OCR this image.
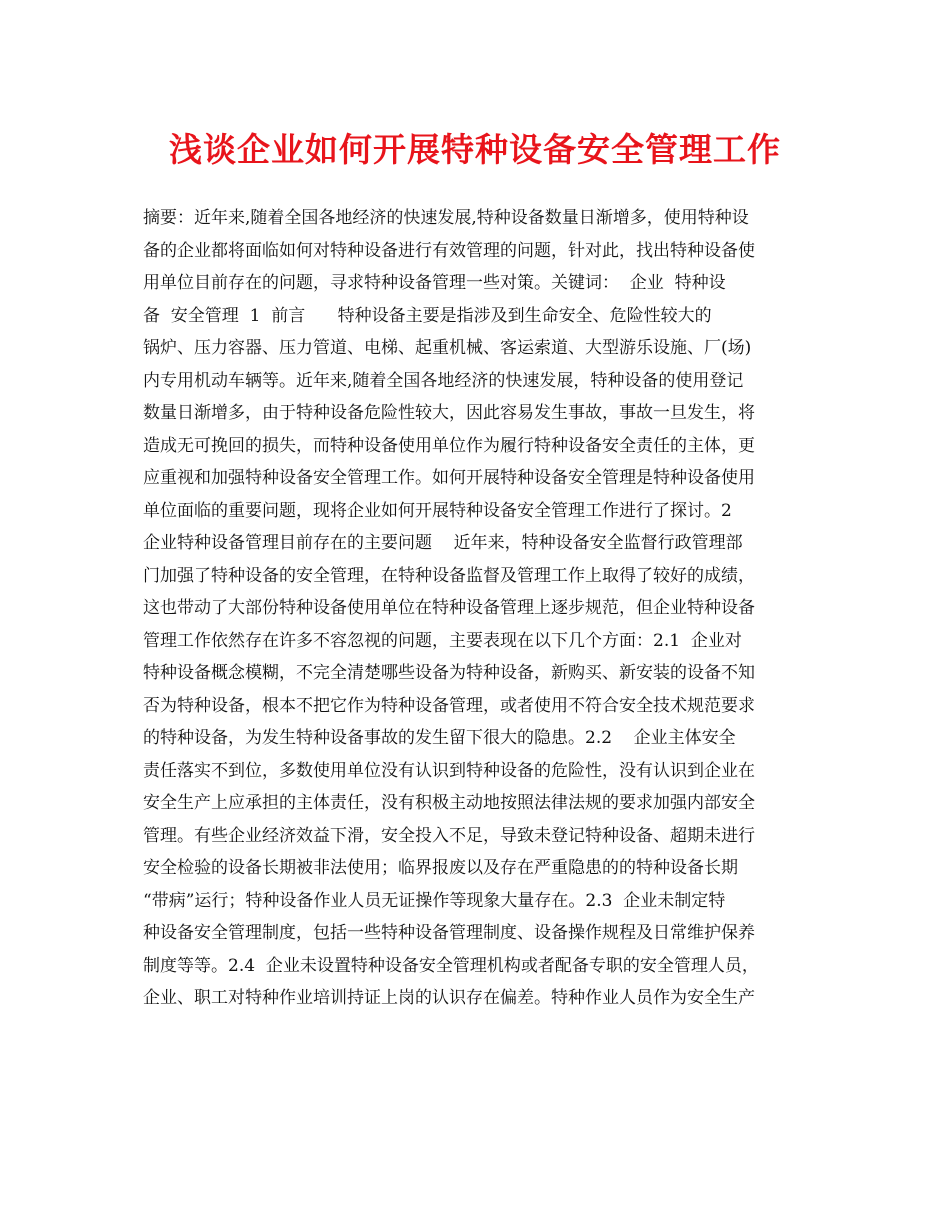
浅谈企业如何开展特种设备安全管理工作
摘要：近年来,随着全国各地经济的快速发展,特种设备数量日渐增多，使用特种设
备的企业都将面临如何对特种设备进行有效管理的问题，针对此，找出特种设备使
用单位目前存在的问题，寻求特种设备管理一些对策。关键词：  企业  特种设
备  安全管理  1  前言      特种设备主要是指涉及到生命安全、危险性较大的
锅炉、压力容器、压力管道、电梯、起重机械、客运索道、大型游乐设施、厂(场)
内专用机动车辆等。近年来,随着全国各地经济的快速发展，特种设备的使用登记
数量日渐增多，由于特种设备危险性较大，因此容易发生事故，事故一旦发生，将
造成无可挽回的损失，而特种设备使用单位作为履行特种设备安全责任的主体，更
应重视和加强特种设备安全管理工作。如何开展特种设备安全管理是特种设备使用
单位面临的重要问题，现将企业如何开展特种设备安全管理工作进行了探讨。2
企业特种设备管理目前存在的主要问题    近年来，特种设备安全监督行政管理部
门加强了特种设备的安全管理，在特种设备监督及管理工作上取得了较好的成绩，
这也带动了大部份特种设备使用单位在特种设备管理上逐步规范，但企业特种设备
管理工作依然存在许多不容忽视的问题，主要表现在以下几个方面：2.1  企业对
特种设备概念模糊，不完全清楚哪些设备为特种设备，新购买、新安装的设备不知
否为特种设备，根本不把它作为特种设备管理，或者使用不符合安全技术规范要求
的特种设备，为发生特种设备事故的发生留下很大的隐患。2.2    企业主体安全
责任落实不到位，多数使用单位没有认识到特种设备的危险性，没有认识到企业在
安全生产上应承担的主体责任，没有积极主动地按照法律法规的要求加强内部安全
管理。有些企业经济效益下滑，安全投入不足，导致未登记特种设备、超期未进行
安全检验的设备长期被非法使用；临界报废以及存在严重隐患的的特种设备长期
“带病”运行；特种设备作业人员无证操作等现象大量存在。2.3  企业未制定特
种设备安全管理制度，包括一些特种设备管理制度、设备操作规程及日常维护保养
制度等等。2.4  企业未设置特种设备安全管理机构或者配备专职的安全管理人员，
企业、职工对特种作业培训持证上岗的认识存在偏差。特种作业人员作为安全生产
